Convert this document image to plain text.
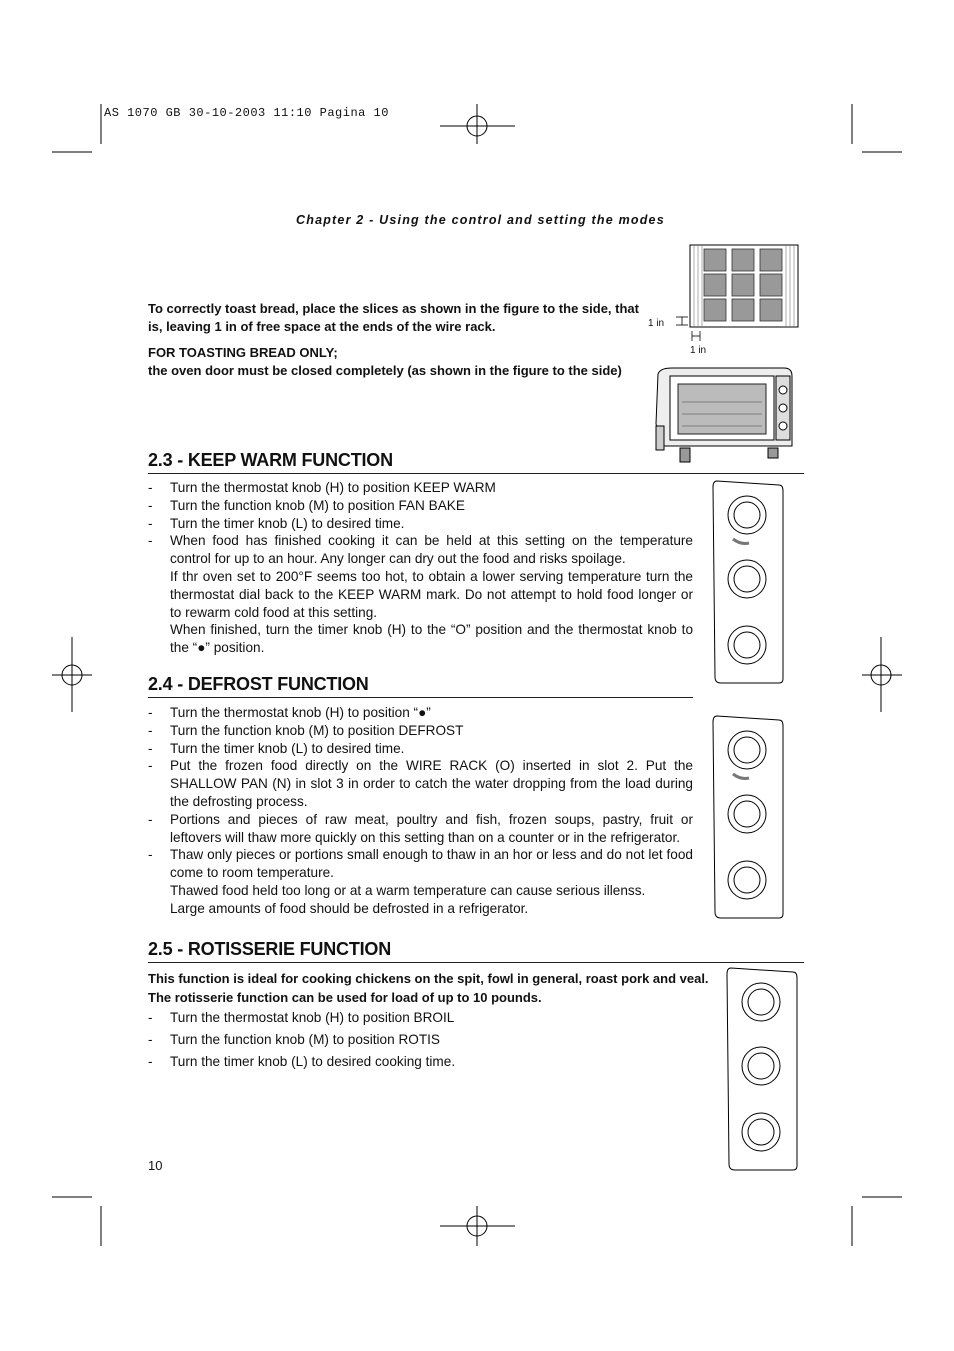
AS 1070 GB 30-10-2003 11:10 Pagina 10
Chapter 2 - Using the control and setting the modes

To correctly toast bread, place the slices as shown in the figure to the side, that is, leaving 1 in of free space at the ends of the wire rack.

FOR TOASTING BREAD ONLY;

the oven door must be closed completely (as shown in the figure to the side)

1 in
1 in
2.3 - KEEP WARM FUNCTION
- Turn the thermostat knob (H) to position KEEP WARM
- Turn the function knob (M) to position FAN BAKE
- Turn the timer knob (L) to desired time.
- When food has finished cooking it can be held at this setting on the temperature control for up to an hour. Any longer can dry out the food and risks spoilage.
If thr oven set to 200°F seems too hot, to obtain a lower serving temperature turn the thermostat dial back to the KEEP WARM mark. Do not attempt to hold food longer or to rewarm cold food at this setting.
When finished, turn the timer knob (H) to the “O” position and the thermostat knob to the “●” position.
2.4 - DEFROST FUNCTION
- Turn the thermostat knob (H) to position “●”
- Turn the function knob (M) to position DEFROST
- Turn the timer knob (L) to desired time.
- Put the frozen food directly on the WIRE RACK (O) inserted in slot 2. Put the SHALLOW PAN (N) in slot 3 in order to catch the water dropping from the load during the defrosting process.
- Portions and pieces of raw meat, poultry and fish, frozen soups, pastry, fruit or leftovers will thaw more quickly on this setting than on a counter or in the refrigerator.
- Thaw only pieces or portions small enough to thaw in an hor or less and do not let food come to room temperature.
Thawed food held too long or at a warm temperature can cause serious illenss.
Large amounts of food should be defrosted in a refrigerator.
2.5 - ROTISSERIE FUNCTION
This function is ideal for cooking chickens on the spit, fowl in general, roast pork and veal.
The rotisserie function can be used for load of up to 10 pounds.
- Turn the thermostat knob (H) to position BROIL
- Turn the function knob (M) to position ROTIS
- Turn the timer knob (L) to desired cooking time.
10
